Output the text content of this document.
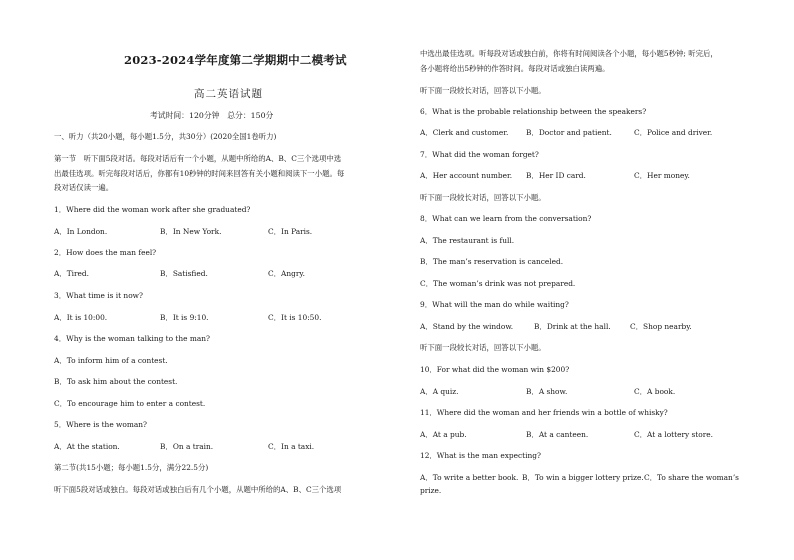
2023-2024学年度第二学期期中二模考试
高二英语试题
考试时间：120分钟　总分：150分
一、听力（共20小题，每小题1.5分，共30分）(2020全国1卷听力)
第一节　听下面5段对话。每段对话后有一个小题，从题中所给的A、B、C三个选项中选
出最佳选项。听完每段对话后，你都有10秒钟的时间来回答有关小题和阅读下一小题。每
段对话仅读一遍。
1．Where did the woman work after she graduated?
A．In London.	B．In New York.	C．In Paris.
2．How does the man feel?
A．Tired.	B．Satisfied.	C．Angry.
3．What time is it now?
A．It is 10:00.	B．It is 9:10.	C．It is 10:50.
4．Why is the woman talking to the man?
A．To inform him of a contest.
B．To ask him about the contest.
C．To encourage him to enter a contest.
5．Where is the woman?
A．At the station.	B．On a train.	C．In a taxi.
第二节(共15小题；每小题1.5分，满分22.5分)
听下面5段对话或独白。每段对话或独白后有几个小题，从题中所给的A、B、C三个选项
中选出最佳选项。听每段对话或独白前，你将有时间阅读各个小题，每小题5秒钟; 听完后，
各小题将给出5秒钟的作答时间。每段对话或独白读两遍。
听下面一段较长对话，回答以下小题。
6．What is the probable relationship between the speakers?
A．Clerk and customer. B．Doctor and patient.	C．Police and driver.
7．What did the woman forget?
A．Her account number. B．Her ID card.	C．Her money.
听下面一段较长对话，回答以下小题。
8．What can we learn from the conversation?
A．The restaurant is full.
B．The man’s reservation is canceled.
C．The woman’s drink was not prepared.
9．What will the man do while waiting?
A．Stand by the window.	B．Drink at the hall.	C．Shop nearby.
听下面一段较长对话，回答以下小题。
10．For what did the woman win $200?
A．A quiz.	B．A show.	C．A book.
11．Where did the woman and her friends win a bottle of whisky?
A．At a pub.	B．At a canteen.	C．At a lottery store.
12．What is the man expecting?
A．To write a better book. B．To win a bigger lottery prize. C．To share the woman’s
prize.
